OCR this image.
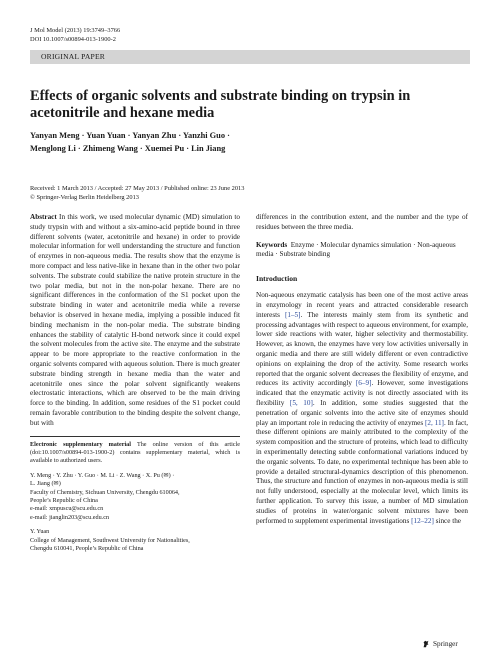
J Mol Model (2013) 19:3749–3766
DOI 10.1007/s00894-013-1900-2
ORIGINAL PAPER
Effects of organic solvents and substrate binding on trypsin in acetonitrile and hexane media
Yanyan Meng · Yuan Yuan · Yanyan Zhu · Yanzhi Guo ·
Menglong Li · Zhimeng Wang · Xuemei Pu · Lin Jiang
Received: 1 March 2013 / Accepted: 27 May 2013 / Published online: 23 June 2013
© Springer-Verlag Berlin Heidelberg 2013

Abstract In this work, we used molecular dynamic (MD) simulation to study trypsin with and without a six-amino-acid peptide bound in three different solvents (water, acetonitrile and hexane) in order to provide molecular information for well understanding the structure and function of enzymes in non-aqueous media. The results show that the enzyme is more compact and less native-like in hexane than in the other two polar solvents. The substrate could stabilize the native protein structure in the two polar media, but not in the non-polar hexane. There are no significant differences in the conformation of the S1 pocket upon the substrate binding in water and acetonitrile media while a reverse behavior is observed in hexane media, implying a possible induced fit binding mechanism in the non-polar media. The substrate binding enhances the stability of catalytic H-bond network since it could expel the solvent molecules from the active site. The enzyme and the substrate appear to be more appropriate to the reactive conformation in the organic solvents compared with aqueous solution. There is much greater substrate binding strength in hexane media than the water and acetonitrile ones since the polar solvent significantly weakens electrostatic interactions, which are observed to be the main driving force to the binding. In addition, some residues of the S1 pocket could remain favorable contribution to the binding despite the solvent change, but with

Electronic supplementary material The online version of this article (doi:10.1007/s00894-013-1900-2) contains supplementary material, which is available to authorized users.
Y. Meng · Y. Zhu · Y. Guo · M. Li · Z. Wang · X. Pu (✉) ·
L. Jiang (✉)
Faculty of Chemistry, Sichuan University, Chengdu 610064,
People’s Republic of China
e-mail: xmpuscu@scu.edu.cn
e-mail: jianglin203@scu.edu.cn
Y. Yuan
College of Management, Southwest University for Nationalities,
Chengdu 610041, People’s Republic of China

differences in the contribution extent, and the number and the type of residues between the three media.

Keywords Enzyme · Molecular dynamics simulation · Non-aqueous media · Substrate binding
Introduction

Non-aqueous enzymatic catalysis has been one of the most active areas in enzymology in recent years and attracted considerable research interests [1–5]. The interests mainly stem from its synthetic and processing advantages with respect to aqueous environment, for example, lower side reactions with water, higher selectivity and thermostability. However, as known, the enzymes have very low activities universally in organic media and there are still widely different or even contradictive opinions on explaining the drop of the activity. Some research works reported that the organic solvent decreases the flexibility of enzyme, and reduces its activity accordingly [6–9]. However, some investigations indicated that the enzymatic activity is not directly associated with its flexibility [5, 10]. In addition, some studies suggested that the penetration of organic solvents into the active site of enzymes should play an important role in reducing the activity of enzymes [2, 11]. In fact, these different opinions are mainly attributed to the complexity of the system composition and the structure of proteins, which lead to difficulty in experimentally detecting subtle conformational variations induced by the organic solvents. To date, no experimental technique has been able to provide a detailed structural-dynamics description of this phenomenon. Thus, the structure and function of enzymes in non-aqueous media is still not fully understood, especially at the molecular level, which limits its further application. To survey this issue, a number of MD simulation studies of proteins in water/organic solvent mixtures have been performed to supplement experimental investigations [12–22] since the

Springer
